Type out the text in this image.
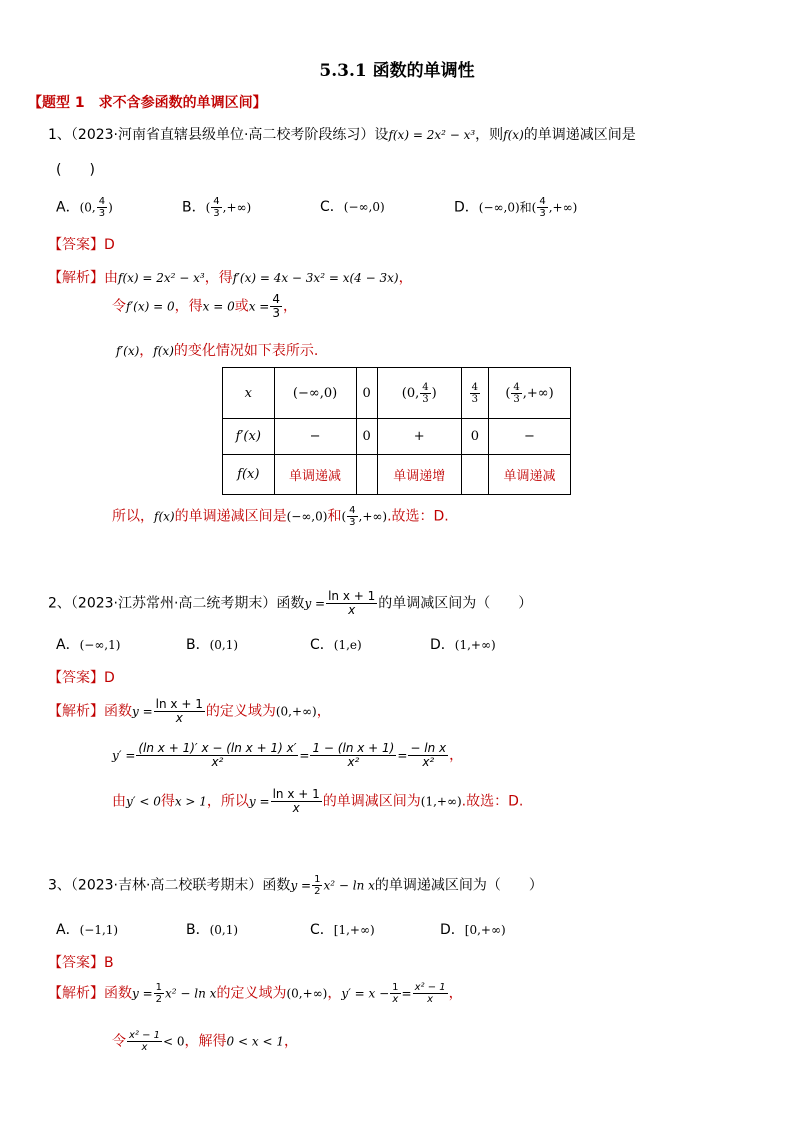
5.3.1 函数的单调性
【题型 1　求不含参函数的单调区间】
1、（2023·河南省直辖县级单位·高二校考阶段练习）设f(x) = 2x² − x³，则f(x)的单调递减区间是
(　　)
A．(0, $\frac{4}{3}$ )	B．( $\frac{4}{3}$ ,+∞)	C．(−∞,0)	D．(−∞,0)和( $\frac{4}{3}$ ,+∞)
【答案】D
【解析】由f(x) = 2x² − x³，得f′(x) = 4x − 3x² = x(4 − 3x)，
令f′(x) = 0，得x = 0或$x = \frac{4}{3}$ ，
f′(x)，f(x)的变化情况如下表所示.
x	(−∞,0)	0	(0, $\frac{4}{3}$ )	$\frac{4}{3}$	( $\frac{4}{3}$ ,+∞)
f′(x)	−	0	+	0	−
f(x)	单调递减		单调递增		单调递减
所以，f(x)的单调递减区间是(−∞,0)和( $\frac{4}{3}$ ,+∞).故选：D.
2、（2023·江苏常州·高二统考期末）函数$y = \frac{\text{ln x + 1}}{x}$ 的单调减区间为（　　）
A．(−∞,1)	B．(0,1)	C．(1,e)	D．(1,+∞)
【答案】D
【解析】函数$y = \frac{\text{ln x + 1}}{x}$ 的定义域为(0,+∞)，
$y' = \frac{\text{(ln x + 1)′ x − (ln x + 1) x′}}{\text{x²}} = \frac{\text{1 − (ln x + 1)}}{\text{x²}} = \frac{\text{− ln x}}{\text{x²}}$ ，
由y′ < 0得x > 1，所以$y = \frac{\text{ln x + 1}}{x}$ 的单调减区间为(1,+∞).故选：D.
3、（2023·吉林·高二校联考期末）函数$y = \frac{1}{2} x^2 - \ln x$的单调递减区间为（　　）
A．(−1,1)	B．(0,1)	C．[1,+∞)	D．[0,+∞)
【答案】B
【解析】函数$y = \frac{1}{2} x^2 - \ln x$的定义域为(0,+∞)，$y' = x - \frac{1}{x} = \frac{\text{x² − 1}}{x}$ ，
令 $\frac{\text{x² − 1}}{x} < 0$，解得0 < x < 1，
